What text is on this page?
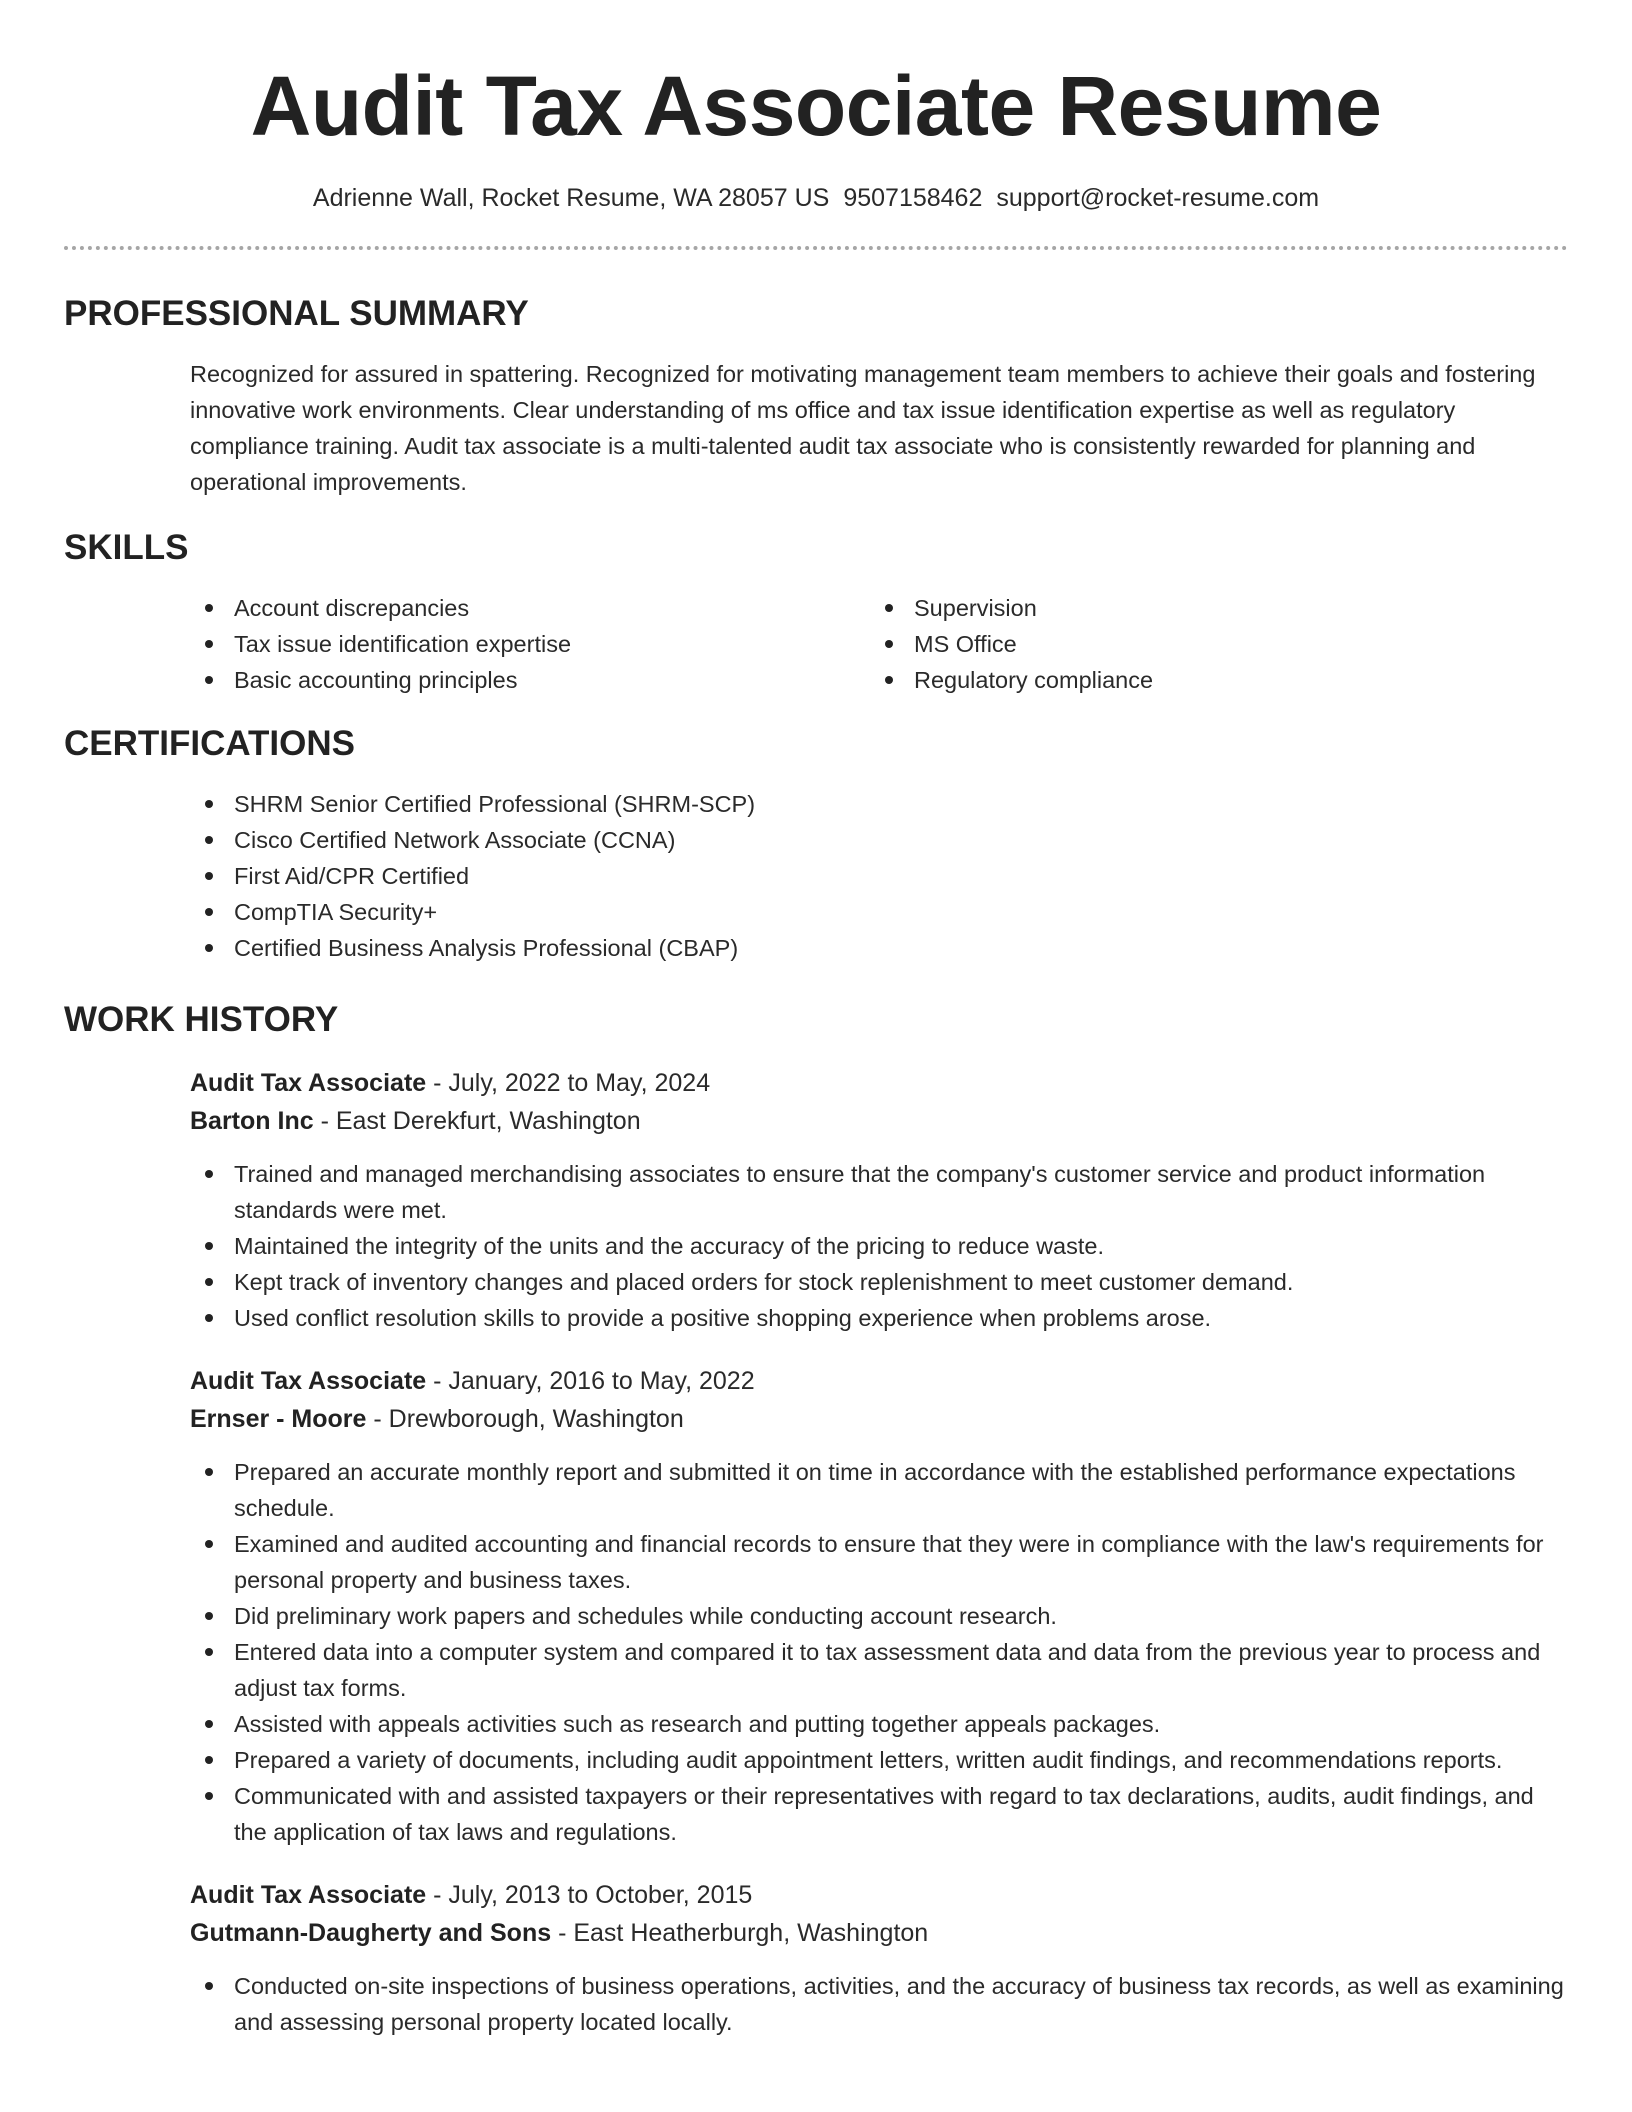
Audit Tax Associate Resume
Adrienne Wall, Rocket Resume, WA 28057 US 9507158462 support@rocket-resume.com
PROFESSIONAL SUMMARY

Recognized for assured in spattering. Recognized for motivating management team members to achieve their goals and fostering innovative work environments. Clear understanding of ms office and tax issue identification expertise as well as regulatory compliance training. Audit tax associate is a multi-talented audit tax associate who is consistently rewarded for planning and operational improvements.

SKILLS
Account discrepancies
Tax issue identification expertise
Basic accounting principles
Supervision
MS Office
Regulatory compliance
CERTIFICATIONS
SHRM Senior Certified Professional (SHRM-SCP)
Cisco Certified Network Associate (CCNA)
First Aid/CPR Certified
CompTIA Security+
Certified Business Analysis Professional (CBAP)
WORK HISTORY
Audit Tax Associate - July, 2022 to May, 2024
Barton Inc - East Derekfurt, Washington
Trained and managed merchandising associates to ensure that the company's customer service and product information standards were met.
Maintained the integrity of the units and the accuracy of the pricing to reduce waste.
Kept track of inventory changes and placed orders for stock replenishment to meet customer demand.
Used conflict resolution skills to provide a positive shopping experience when problems arose.
Audit Tax Associate - January, 2016 to May, 2022
Ernser - Moore - Drewborough, Washington
Prepared an accurate monthly report and submitted it on time in accordance with the established performance expectations schedule.
Examined and audited accounting and financial records to ensure that they were in compliance with the law's requirements for personal property and business taxes.
Did preliminary work papers and schedules while conducting account research.
Entered data into a computer system and compared it to tax assessment data and data from the previous year to process and adjust tax forms.
Assisted with appeals activities such as research and putting together appeals packages.
Prepared a variety of documents, including audit appointment letters, written audit findings, and recommendations reports.
Communicated with and assisted taxpayers or their representatives with regard to tax declarations, audits, audit findings, and the application of tax laws and regulations.
Audit Tax Associate - July, 2013 to October, 2015
Gutmann-Daugherty and Sons - East Heatherburgh, Washington
Conducted on-site inspections of business operations, activities, and the accuracy of business tax records, as well as examining and assessing personal property located locally.
